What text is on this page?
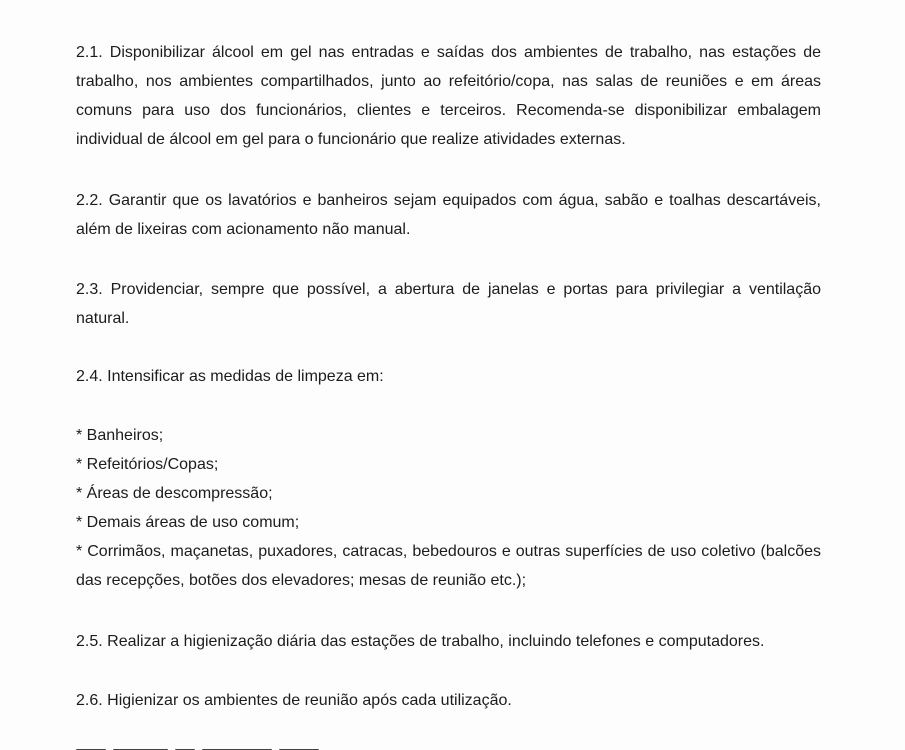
2.1. Disponibilizar álcool em gel nas entradas e saídas dos ambientes de trabalho, nas estações de trabalho, nos ambientes compartilhados, junto ao refeitório/copa, nas salas de reuniões e em áreas comuns para uso dos funcionários, clientes e terceiros. Recomenda-se disponibilizar embalagem individual de álcool em gel para o funcionário que realize atividades externas.

2.2. Garantir que os lavatórios e banheiros sejam equipados com água, sabão e toalhas descartáveis, além de lixeiras com acionamento não manual.

2.3. Providenciar, sempre que possível, a abertura de janelas e portas para privilegiar a ventilação natural.

2.4. Intensificar as medidas de limpeza em:

* Banheiros;
* Refeitórios/Copas;
* Áreas de descompressão;
* Demais áreas de uso comum;
* Corrimãos, maçanetas, puxadores, catracas, bebedouros e outras superfícies de uso coletivo (balcões das recepções, botões dos elevadores; mesas de reunião etc.);

2.5. Realizar a higienização diária das estações de trabalho, incluindo telefones e computadores.

2.6. Higienizar os ambientes de reunião após cada utilização.
